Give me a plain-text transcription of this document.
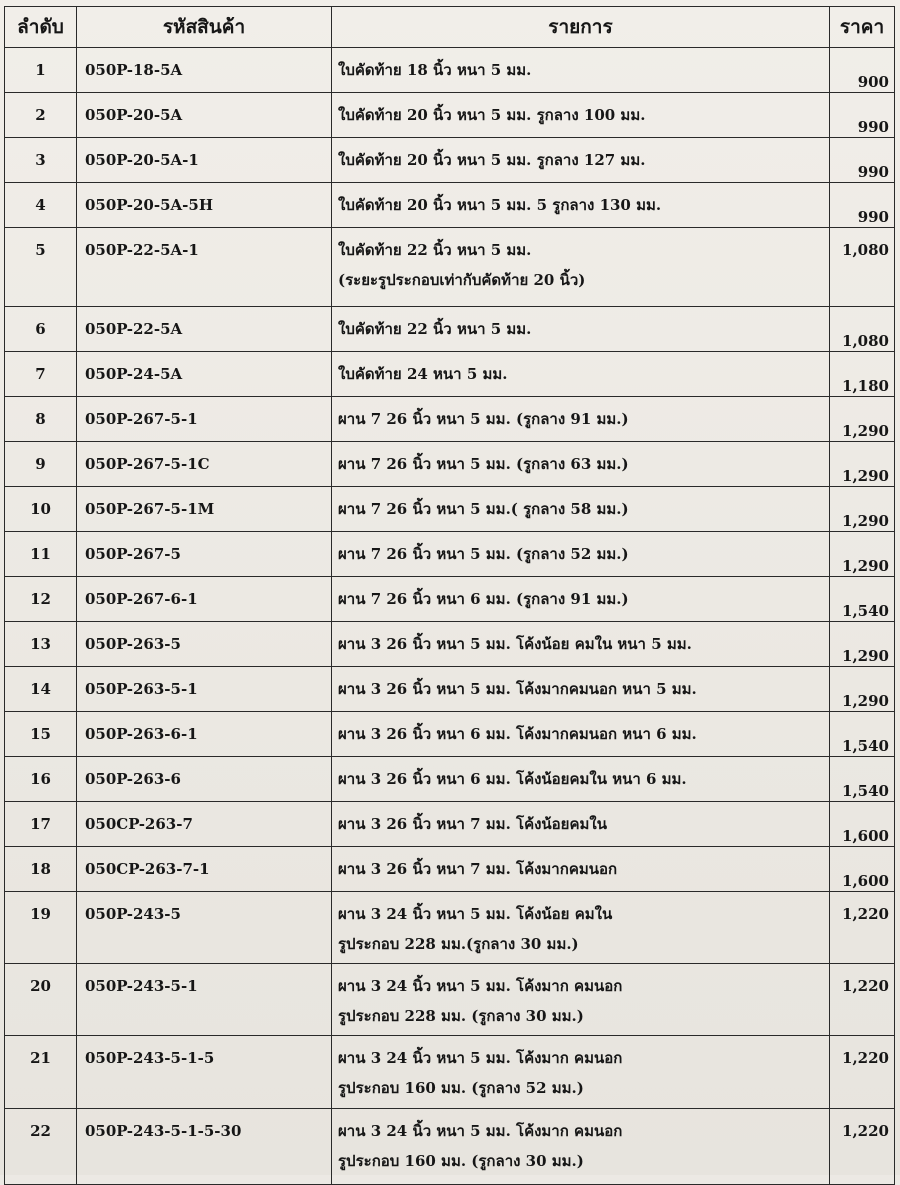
ลำดับ	รหัสสินค้า	รายการ	ราคา
1	050P-18-5A	ใบคัดท้าย 18 นิ้ว หนา 5 มม.	900
2	050P-20-5A	ใบคัดท้าย 20 นิ้ว หนา 5 มม. รูกลาง 100 มม.	990
3	050P-20-5A-1	ใบคัดท้าย 20 นิ้ว หนา 5 มม. รูกลาง 127 มม.	990
4	050P-20-5A-5H	ใบคัดท้าย 20 นิ้ว หนา 5 มม. 5 รูกลาง 130 มม.	990
5	050P-22-5A-1	ใบคัดท้าย 22 นิ้ว หนา 5 มม.
(ระยะรูประกอบเท่ากับคัดท้าย 20 นิ้ว)	1,080
6	050P-22-5A	ใบคัดท้าย 22 นิ้ว หนา 5 มม.	1,080
7	050P-24-5A	ใบคัดท้าย 24 หนา 5 มม.	1,180
8	050P-267-5-1	ผาน 7 26 นิ้ว หนา 5 มม. (รูกลาง 91 มม.)	1,290
9	050P-267-5-1C	ผาน 7 26 นิ้ว หนา 5 มม. (รูกลาง 63 มม.)	1,290
10	050P-267-5-1M	ผาน 7 26 นิ้ว หนา 5 มม.( รูกลาง 58 มม.)	1,290
11	050P-267-5	ผาน 7 26 นิ้ว หนา 5 มม. (รูกลาง 52 มม.)	1,290
12	050P-267-6-1	ผาน 7 26 นิ้ว หนา 6 มม. (รูกลาง 91 มม.)	1,540
13	050P-263-5	ผาน 3 26 นิ้ว หนา 5 มม. โค้งน้อย คมใน หนา 5 มม.	1,290
14	050P-263-5-1	ผาน 3 26 นิ้ว หนา 5 มม. โค้งมากคมนอก หนา 5 มม.	1,290
15	050P-263-6-1	ผาน 3 26 นิ้ว หนา 6 มม. โค้งมากคมนอก หนา 6 มม.	1,540
16	050P-263-6	ผาน 3 26 นิ้ว หนา 6 มม. โค้งน้อยคมใน หนา 6 มม.	1,540
17	050CP-263-7	ผาน 3 26 นิ้ว หนา 7 มม. โค้งน้อยคมใน	1,600
18	050CP-263-7-1	ผาน 3 26 นิ้ว หนา 7 มม. โค้งมากคมนอก	1,600
19	050P-243-5	ผาน 3 24 นิ้ว หนา 5 มม. โค้งน้อย คมใน
รูประกอบ 228 มม.(รูกลาง 30 มม.)	1,220
20	050P-243-5-1	ผาน 3 24 นิ้ว หนา 5 มม. โค้งมาก คมนอก
รูประกอบ 228 มม. (รูกลาง 30 มม.)	1,220
21	050P-243-5-1-5	ผาน 3 24 นิ้ว หนา 5 มม. โค้งมาก คมนอก
รูประกอบ 160 มม. (รูกลาง 52 มม.)	1,220
22	050P-243-5-1-5-30	ผาน 3 24 นิ้ว หนา 5 มม. โค้งมาก คมนอก
รูประกอบ 160 มม. (รูกลาง 30 มม.)	1,220
